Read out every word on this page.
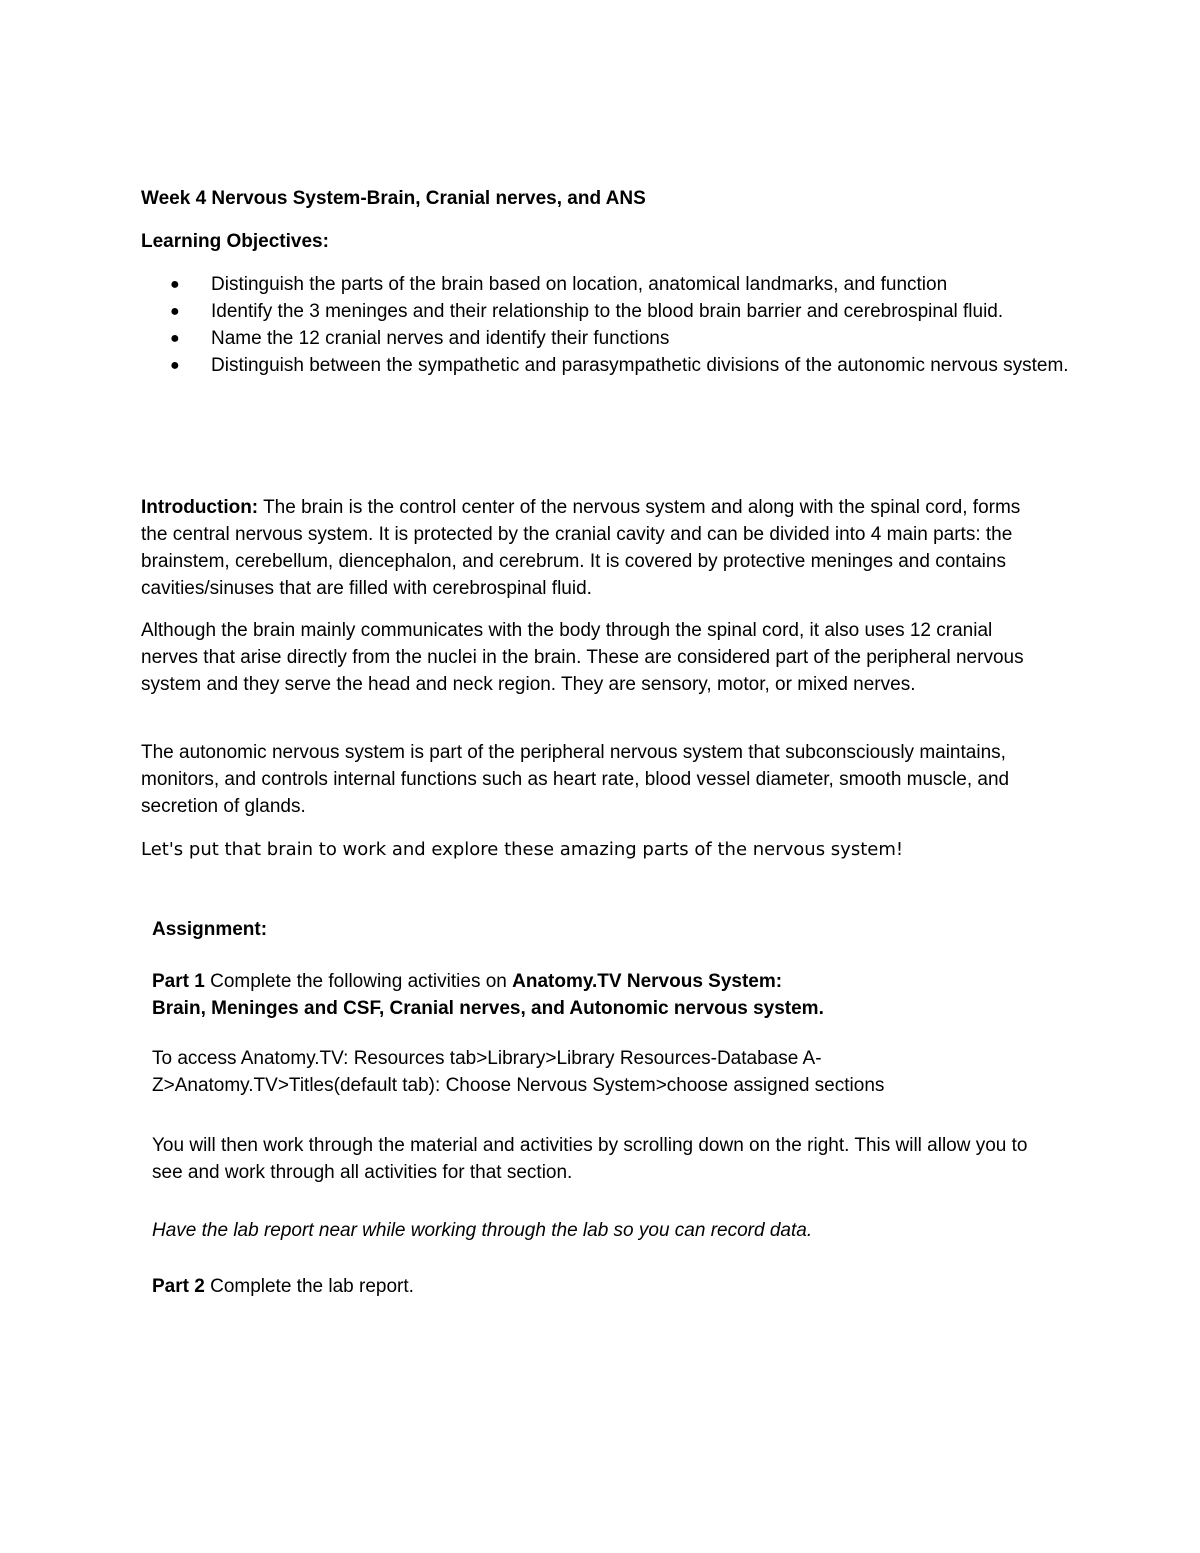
Week 4 Nervous System-Brain, Cranial nerves, and ANS
Learning Objectives:
●	Distinguish the parts of the brain based on location, anatomical landmarks, and function
●	Identify the 3 meninges and their relationship to the blood brain barrier and cerebrospinal fluid.
●	Name the 12 cranial nerves and identify their functions
●	Distinguish between the sympathetic and parasympathetic divisions of the autonomic nervous system.

Introduction: The brain is the control center of the nervous system and along with the spinal cord, forms the central nervous system. It is protected by the cranial cavity and can be divided into 4 main parts: the brainstem, cerebellum, diencephalon, and cerebrum. It is covered by protective meninges and contains cavities/sinuses that are filled with cerebrospinal fluid.

Although the brain mainly communicates with the body through the spinal cord, it also uses 12 cranial nerves that arise directly from the nuclei in the brain. These are considered part of the peripheral nervous system and they serve the head and neck region. They are sensory, motor, or mixed nerves.

The autonomic nervous system is part of the peripheral nervous system that subconsciously maintains, monitors, and controls internal functions such as heart rate, blood vessel diameter, smooth muscle, and secretion of glands.

Let's put that brain to work and explore these amazing parts of the nervous system!

Assignment:

Part 1 Complete the following activities on Anatomy.TV Nervous System:
Brain, Meninges and CSF, Cranial nerves, and Autonomic nervous system.

To access Anatomy.TV: Resources tab>Library>Library Resources-Database A-Z>Anatomy.TV>Titles(default tab): Choose Nervous System>choose assigned sections

You will then work through the material and activities by scrolling down on the right. This will allow you to see and work through all activities for that section.

Have the lab report near while working through the lab so you can record data.

Part 2 Complete the lab report.
